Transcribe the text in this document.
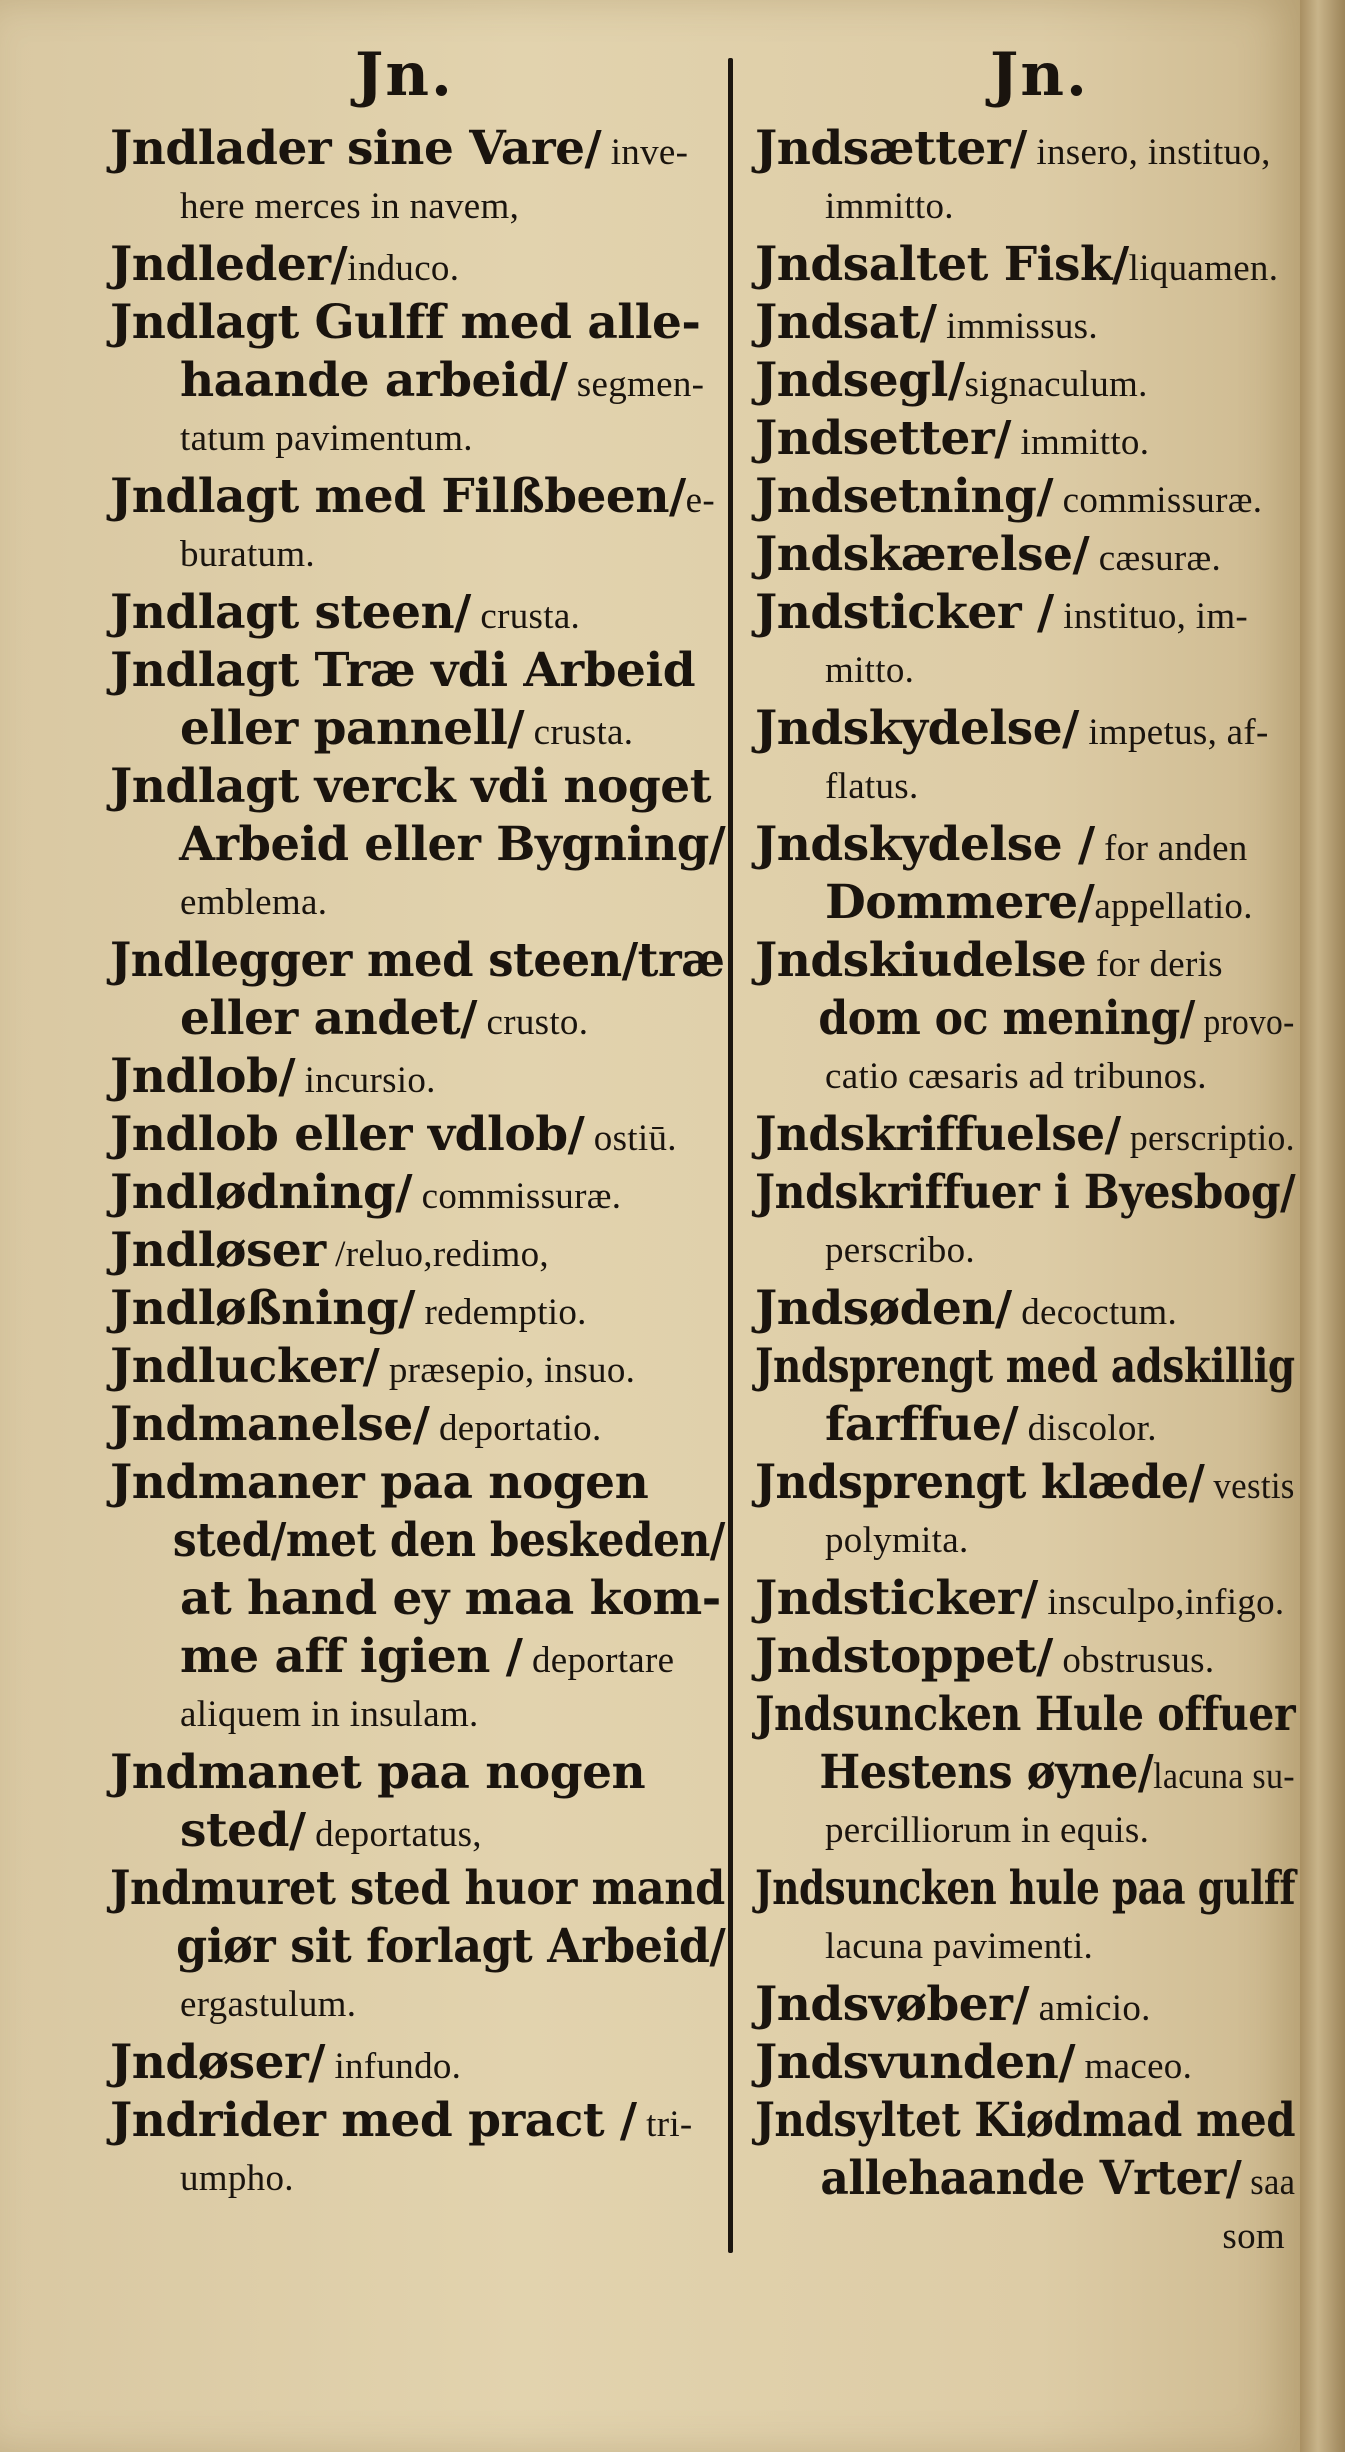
Jn.	Jn.
Jndlader sine Vare/ inve-
here merces in navem,
Jndleder/induco.
Jndlagt Gulff med alle-
haande arbeid/ segmen-
tatum pavimentum.
Jndlagt med Filßbeen/e-
buratum.
Jndlagt steen/ crusta.
Jndlagt Træ vdi Arbeid
eller pannell/ crusta.
Jndlagt verck vdi noget
Arbeid eller Bygning/
emblema.
Jndlegger med steen/træ
eller andet/ crusto.
Jndlob/ incursio.
Jndlob eller vdlob/ ostiū.
Jndlødning/ commissuræ.
Jndløser /reluo,redimo,
Jndløßning/ redemptio.
Jndlucker/ præsepio, insuo.
Jndmanelse/ deportatio.
Jndmaner paa nogen
sted/met den beskeden/
at hand ey maa kom-
me aff igien / deportare
aliquem in insulam.
Jndmanet paa nogen
sted/ deportatus,
Jndmuret sted huor mand
giør sit forlagt Arbeid/
ergastulum.
Jndøser/ infundo.
Jndrider med pract / tri-
umpho.
Jndsætter/ insero, instituo,
immitto.
Jndsaltet Fisk/liquamen.
Jndsat/ immissus.
Jndsegl/signaculum.
Jndsetter/ immitto.
Jndsetning/ commissuræ.
Jndskærelse/ cæsuræ.
Jndsticker / instituo, im-
mitto.
Jndskydelse/ impetus, af-
flatus.
Jndskydelse / for anden
Dommere/appellatio.
Jndskiudelse for deris
dom oc mening/ provo-
catio cæsaris ad tribunos.
Jndskriffuelse/ perscriptio.
Jndskriffuer i Byesbog/
perscribo.
Jndsøden/ decoctum.
Jndsprengt med adskillig
farffue/ discolor.
Jndsprengt klæde/ vestis
polymita.
Jndsticker/ insculpo,infigo.
Jndstoppet/ obstrusus.
Jndsuncken Hule offuer
Hestens øyne/lacuna su-
percilliorum in equis.
Jndsuncken hule paa gulff
lacuna pavimenti.
Jndsvøber/ amicio.
Jndsvunden/ maceo.
Jndsyltet Kiødmad med
allehaande Vrter/ saa
som
